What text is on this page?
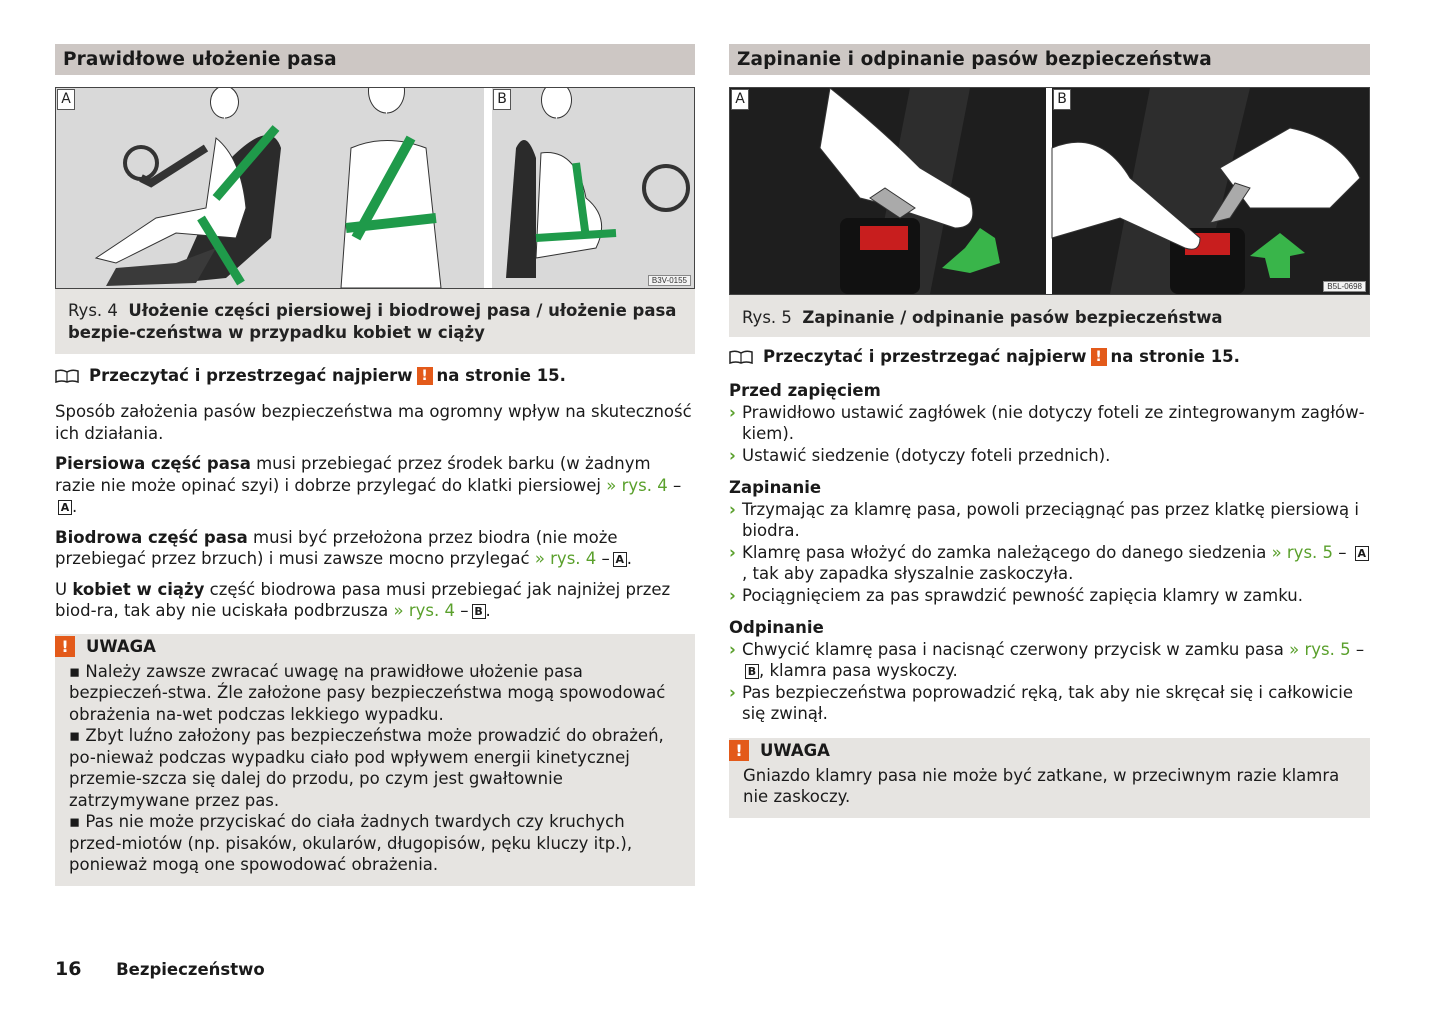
Prawidłowe ułożenie pasa
A	B
B3V-0155
Rys. 4 Ułożenie części piersiowej i biodrowej pasa / ułożenie pasa bezpie-czeństwa w przypadku kobiet w ciąży
Przeczytać i przestrzegać najpierw ! na stronie
15.

Sposób założenia pasów bezpieczeństwa ma ogromny wpływ na skuteczność ich działania.

Piersiowa część pasa musi przebiegać przez środek barku (w żadnym razie nie może opinać szyi) i dobrze przylegać do klatki piersiowej » rys. 4 –A .

Biodrowa część pasa musi być przełożona przez biodra (nie może przebiegać przez brzuch) i musi zawsze mocno przylegać » rys. 4 – A .

U kobiet w ciąży część biodrowa pasa musi przebiegać jak najniżej przez biod-ra, tak aby nie uciskała podbrzusza » rys. 4 – B .

!	UWAGA
▪ Należy zawsze zwracać uwagę na prawidłowe ułożenie pasa bezpieczeń-stwa. Źle założone pasy bezpieczeństwa mogą spowodować obrażenia na-wet podczas lekkiego wypadku.
▪ Zbyt luźno założony pas bezpieczeństwa może prowadzić do obrażeń, po-nieważ podczas wypadku ciało pod wpływem energii kinetycznej przemie-szcza się dalej do przodu, po czym jest gwałtownie zatrzymywane przez pas.
▪ Pas nie może przyciskać do ciała żadnych twardych czy kruchych przed-miotów (np. pisaków, okularów, długopisów, pęku kluczy itp.), ponieważ mogą one spowodować obrażenia.
Zapinanie i odpinanie pasów bezpieczeństwa
A	B
B5L-0698
Rys. 5 Zapinanie / odpinanie pasów bezpieczeństwa
Przeczytać i przestrzegać najpierw ! na stronie
15.
Przed zapięciem
› Prawidłowo ustawić zagłówek (nie dotyczy foteli ze zintegrowanym zagłów-kiem).
› Ustawić siedzenie (dotyczy foteli przednich).
Zapinanie
› Trzymając za klamrę pasa, powoli przeciągnąć pas przez klatkę piersiową i biodra.
› Klamrę pasa włożyć do zamka należącego do danego siedzenia » rys. 5 – A, tak aby zapadka słyszalnie zaskoczyła.
› Pociągnięciem za pas sprawdzić pewność zapięcia klamry w zamku.
Odpinanie
› Chwycić klamrę pasa i nacisnąć czerwony przycisk w zamku pasa » rys. 5 – B , klamra pasa wyskoczy.
› Pas bezpieczeństwa poprowadzić ręką, tak aby nie skręcał się i całkowicie się zwinął.
!	UWAGA
Gniazdo klamry pasa nie może być zatkane, w przeciwnym razie klamra nie zaskoczy.
16 Bezpieczeństwo
